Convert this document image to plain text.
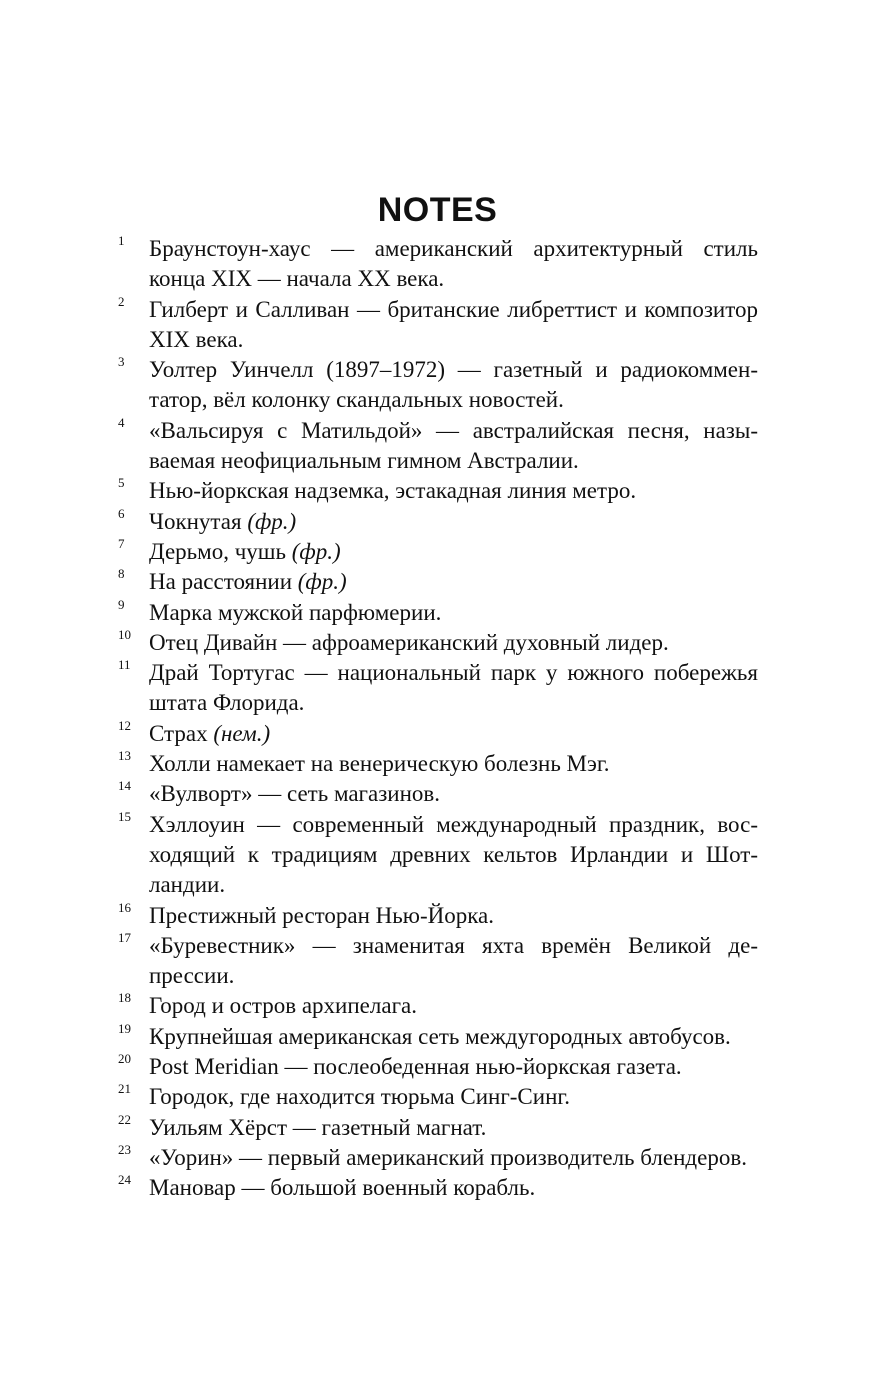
NOTES
1 Браунстоун-хаус — американский архитектурный стиль конца XIX — начала XX века.
2 Гилберт и Салливан — британские либреттист и композитор XIX века.
3 Уолтер Уинчелл (1897–1972) — газетный и радиокомментатор, вёл колонку скандальных новостей.
4 «Вальсируя с Матильдой» — австралийская песня, называемая неофициальным гимном Австралии.
5 Нью-йоркская надземка, эстакадная линия метро.
6 Чокнутая (фр.)
7 Дерьмо, чушь (фр.)
8 На расстоянии (фр.)
9 Марка мужской парфюмерии.
10 Отец Дивайн — афроамериканский духовный лидер.
11 Драй Тортугас — национальный парк у южного побережья штата Флорида.
12 Страх (нем.)
13 Холли намекает на венерическую болезнь Мэг.
14 «Вулворт» — сеть магазинов.
15 Хэллоуин — современный международный праздник, восходящий к традициям древних кельтов Ирландии и Шотландии.
16 Престижный ресторан Нью-Йорка.
17 «Буревестник» — знаменитая яхта времён Великой депрессии.
18 Город и остров архипелага.
19 Крупнейшая американская сеть междугородных автобусов.
20 Post Meridian — послеобеденная нью-йоркская газета.
21 Городок, где находится тюрьма Синг-Синг.
22 Уильям Хёрст — газетный магнат.
23 «Уорин» — первый американский производитель блендеров.
24 Мановар — большой военный корабль.
